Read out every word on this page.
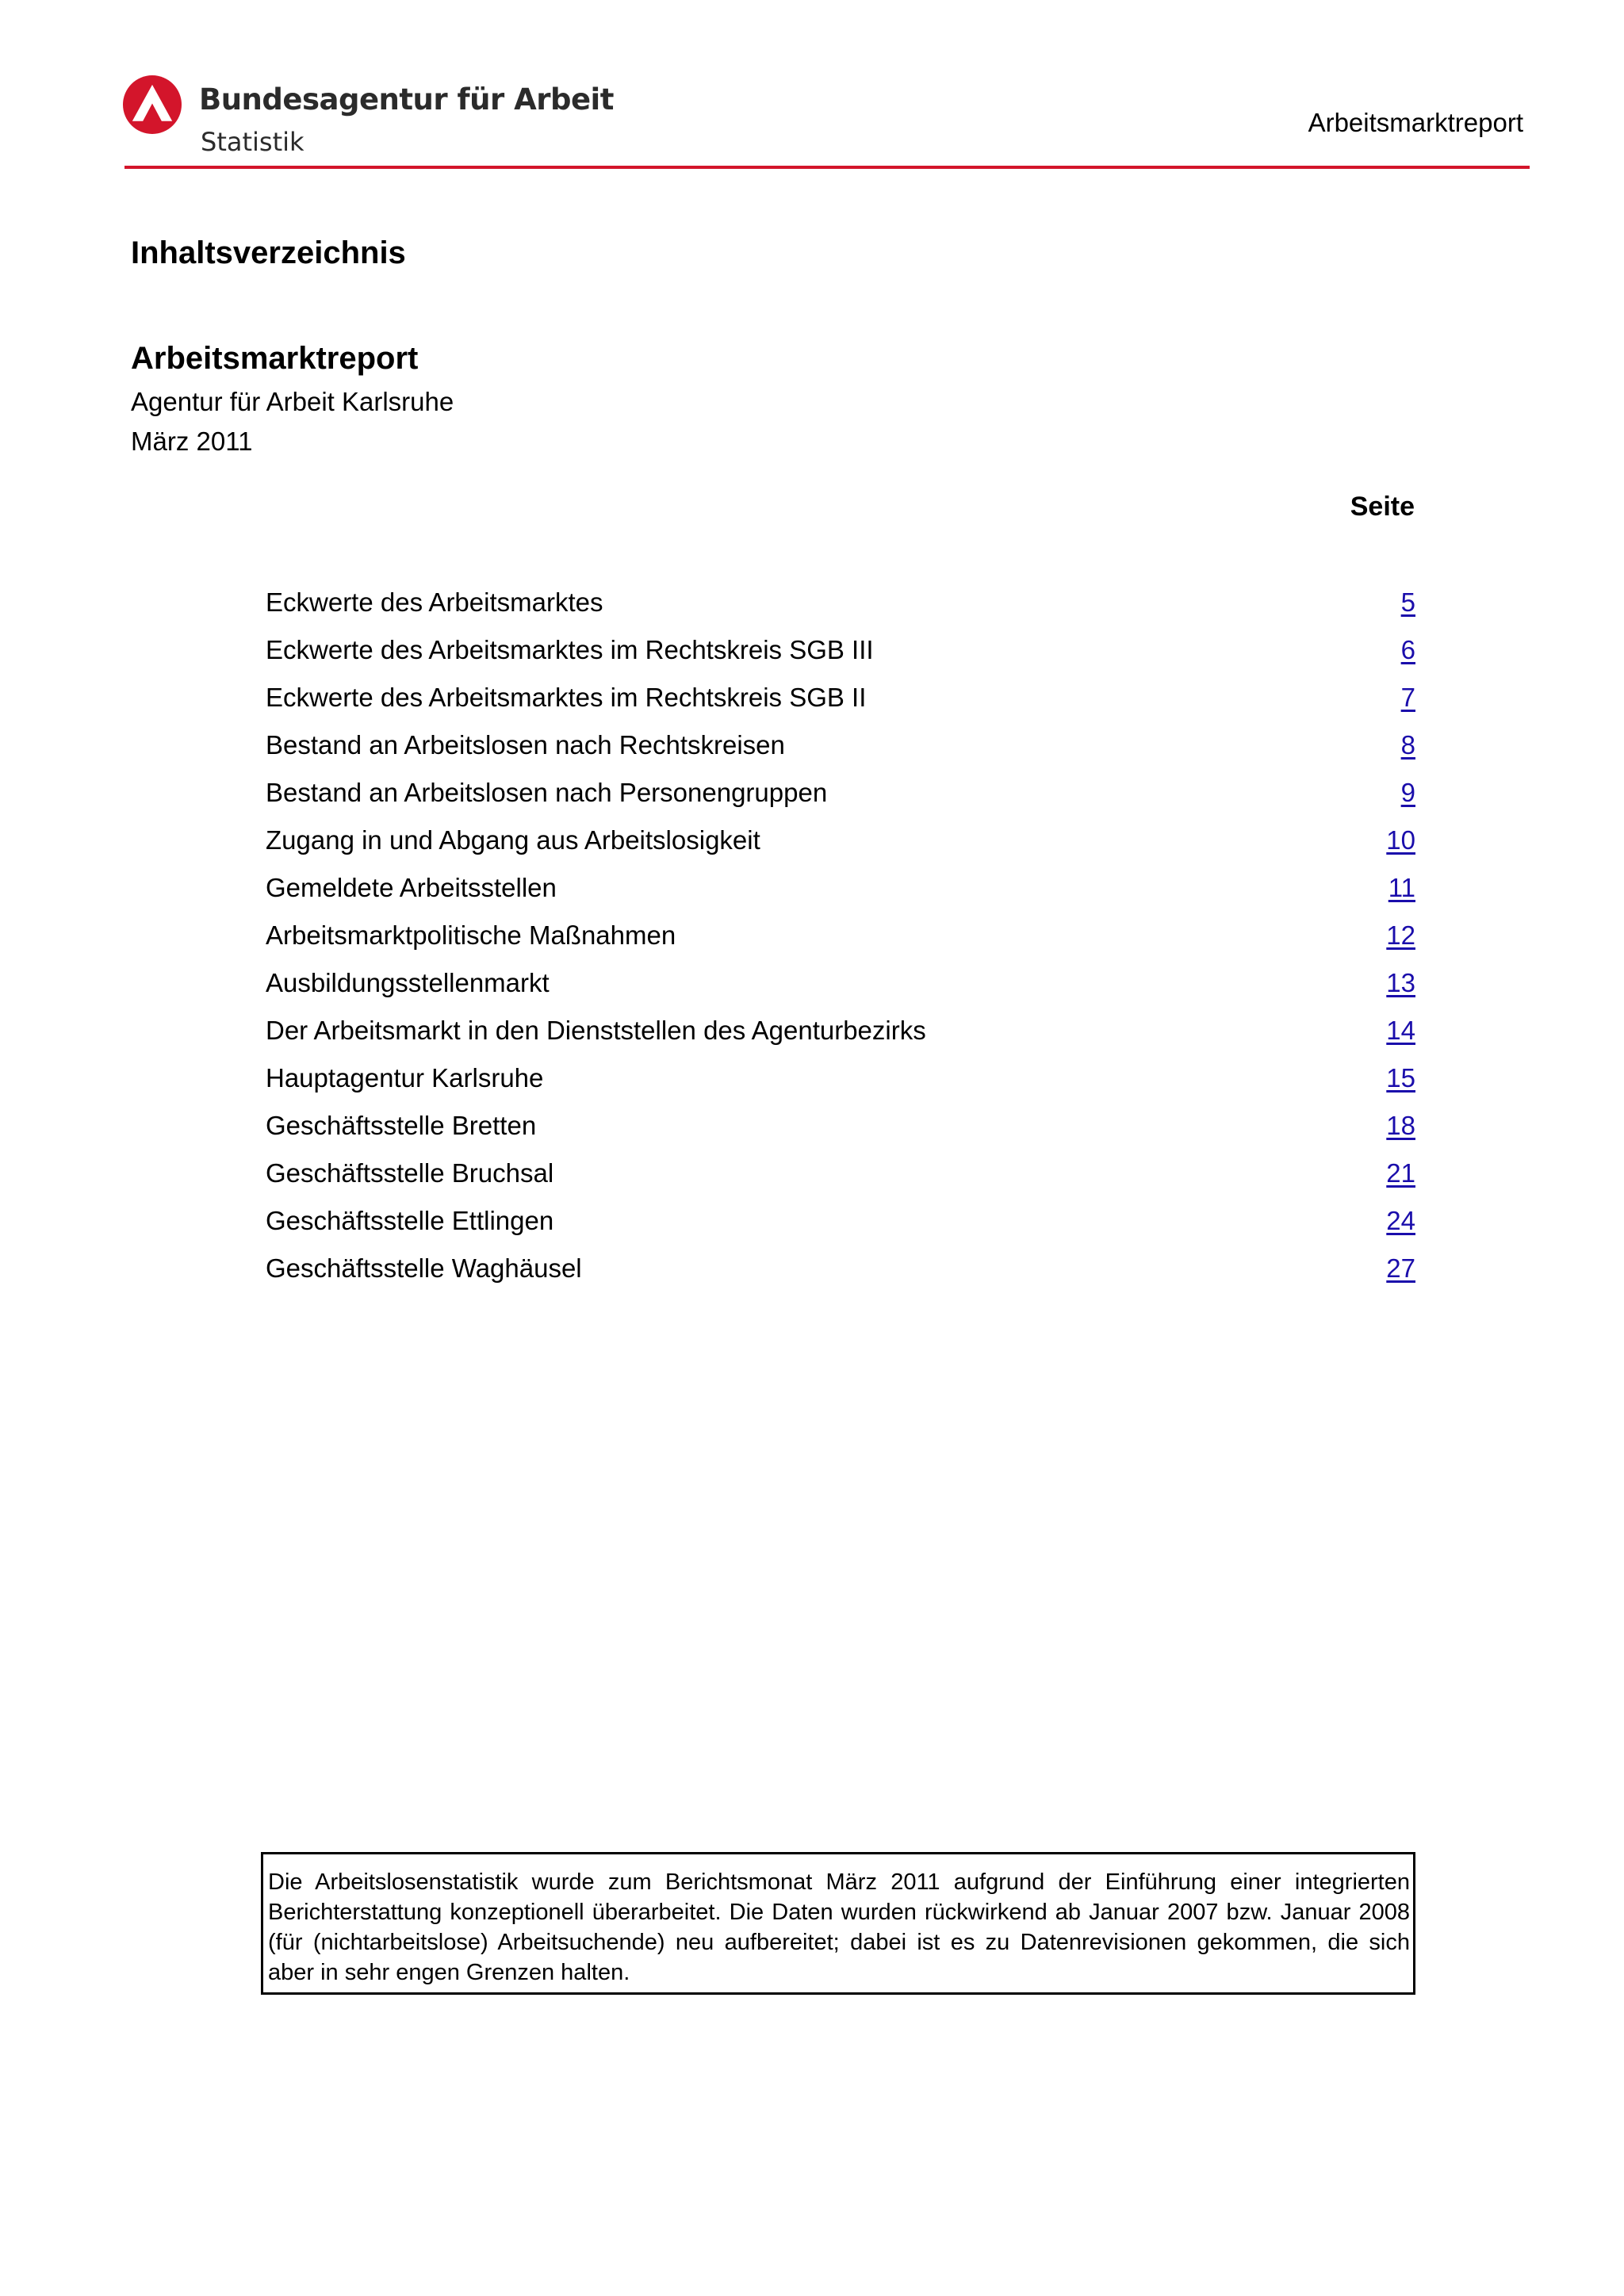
Bundesagentur für Arbeit
Statistik
Arbeitsmarktreport
Inhaltsverzeichnis
Arbeitsmarktreport
Agentur für Arbeit Karlsruhe
März 2011
Seite
Eckwerte des Arbeitsmarktes	5
Eckwerte des Arbeitsmarktes im Rechtskreis SGB III	6
Eckwerte des Arbeitsmarktes im Rechtskreis SGB II	7
Bestand an Arbeitslosen nach Rechtskreisen	8
Bestand an Arbeitslosen nach Personengruppen	9
Zugang in und Abgang aus Arbeitslosigkeit	10
Gemeldete Arbeitsstellen	11
Arbeitsmarktpolitische Maßnahmen	12
Ausbildungsstellenmarkt	13
Der Arbeitsmarkt in den Dienststellen des Agenturbezirks	14
Hauptagentur Karlsruhe	15
Geschäftsstelle Bretten	18
Geschäftsstelle Bruchsal	21
Geschäftsstelle Ettlingen	24
Geschäftsstelle Waghäusel	27

Die Arbeitslosenstatistik wurde zum Berichtsmonat März 2011 aufgrund der Einführung einer integrierten Berichterstattung konzeptionell überarbeitet. Die Daten wurden rückwirkend ab Januar 2007 bzw. Januar 2008 (für (nichtarbeitslose) Arbeitsuchende) neu aufbereitet; dabei ist es zu Datenrevisionen gekommen, die sich aber in sehr engen Grenzen halten.
